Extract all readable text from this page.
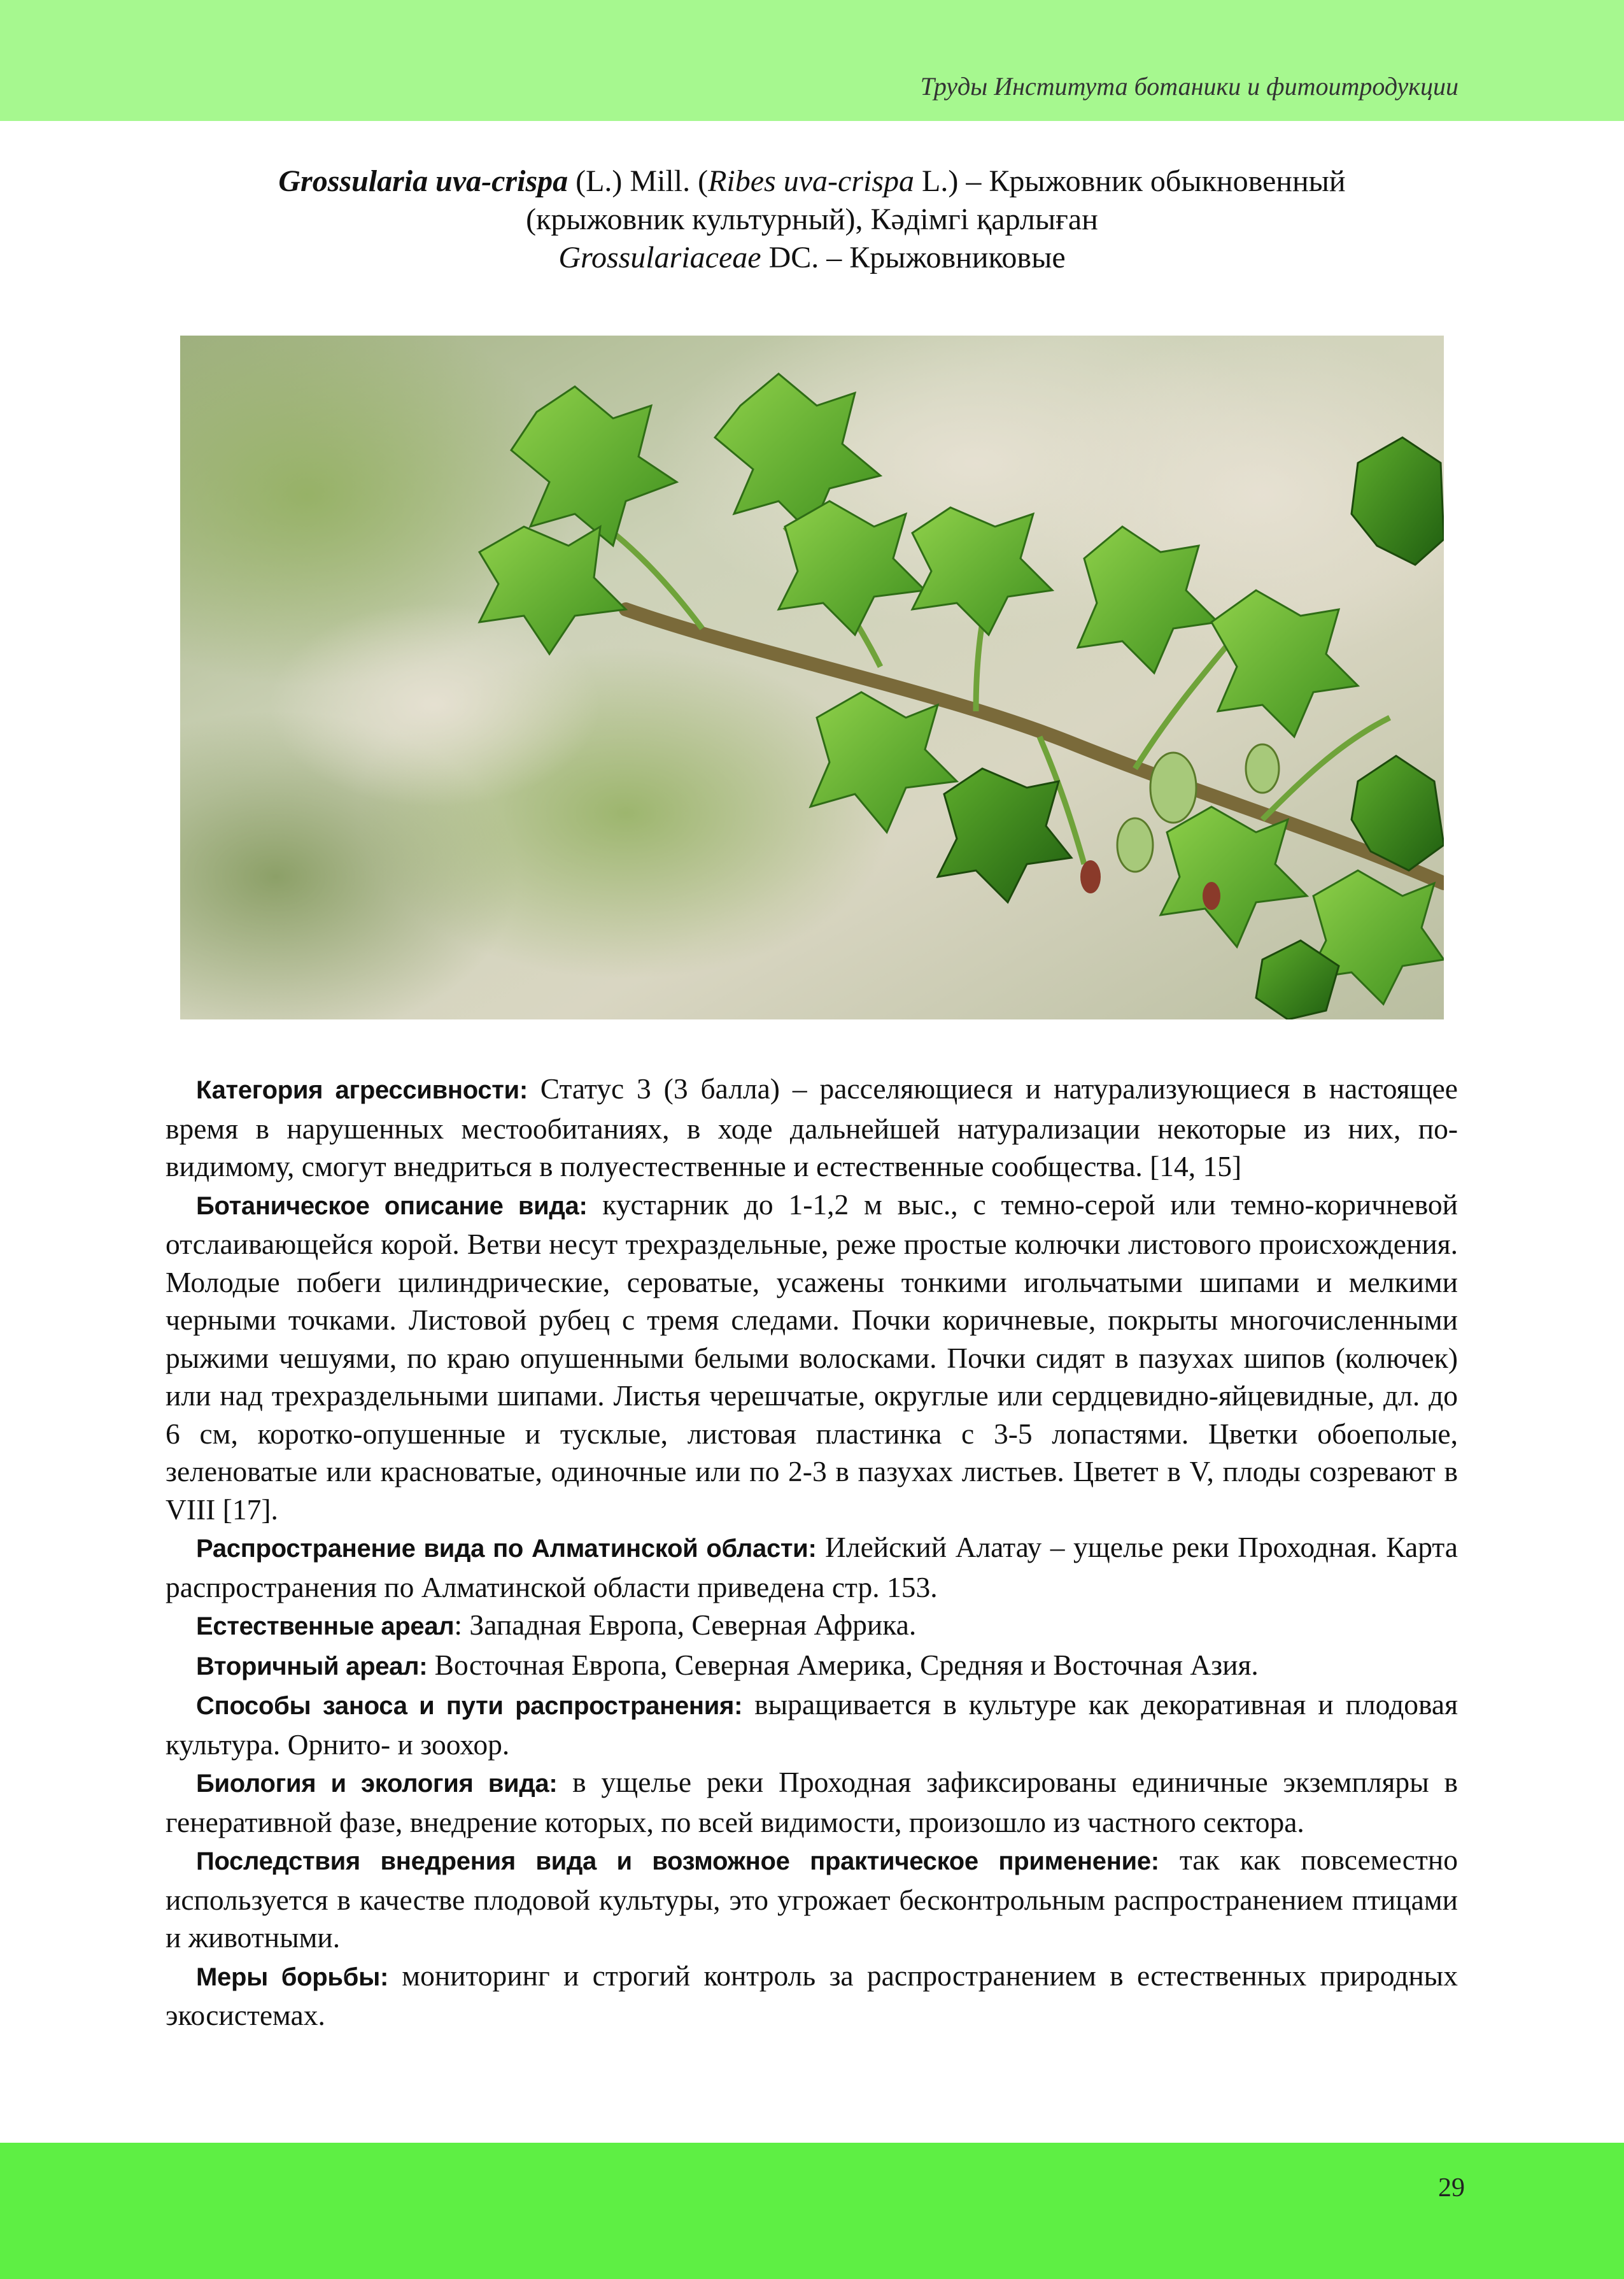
Труды Института ботаники и фитоитродукции
Grossularia uva-crispa (L.) Mill. (Ribes uva-crispa L.) – Крыжовник обыкновенный
(крыжовник культурный), Кәдімгі қарлыған
Grossulariaceae DC. – Крыжовниковые

Категория агрессивности: Статус 3 (3 балла) – расселяющиеся и натурализующиеся в настоящее время в нарушенных местообитаниях, в ходе дальнейшей натурализации некоторые из них, по-видимому, смогут внедриться в полуестественные и естественные сообщества. [14, 15]

Ботаническое описание вида: кустарник до 1-1,2 м выс., с темно-серой или темно-коричневой отслаивающейся корой. Ветви несут трехраздельные, реже простые колючки листового происхождения. Молодые побеги цилиндрические, сероватые, усажены тонкими игольчатыми шипами и мелкими черными точками. Листовой рубец с тремя следами. Почки коричневые, покрыты многочисленными рыжими чешуями, по краю опушенными белыми волосками. Почки сидят в пазухах шипов (колючек) или над трехраздельными шипами. Листья черешчатые, округлые или сердцевидно-яйцевидные, дл. до 6 см, коротко-опушенные и тусклые, листовая пластинка с 3-5 лопастями. Цветки обоеполые, зеленоватые или красноватые, одиночные или по 2-3 в пазухах листьев. Цветет в V, плоды созревают в VIII [17].

Распространение вида по Алматинской области: Илейский Алатау – ущелье реки Проходная. Карта распространения по Алматинской области приведена стр. 153.

Естественные ареал: Западная Европа, Северная Африка.

Вторичный ареал: Восточная Европа, Северная Америка, Средняя и Восточная Азия.

Способы заноса и пути распространения: выращивается в культуре как декоративная и плодовая культура. Орнито- и зоохор.

Биология и экология вида: в ущелье реки Проходная зафиксированы единичные экземпляры в генеративной фазе, внедрение которых, по всей видимости, произошло из частного сектора.

Последствия внедрения вида и возможное практическое применение: так как повсеместно используется в качестве плодовой культуры, это угрожает бесконтрольным распространением птицами и животными.

Меры борьбы: мониторинг и строгий контроль за распространением в естественных природных экосистемах.

29
